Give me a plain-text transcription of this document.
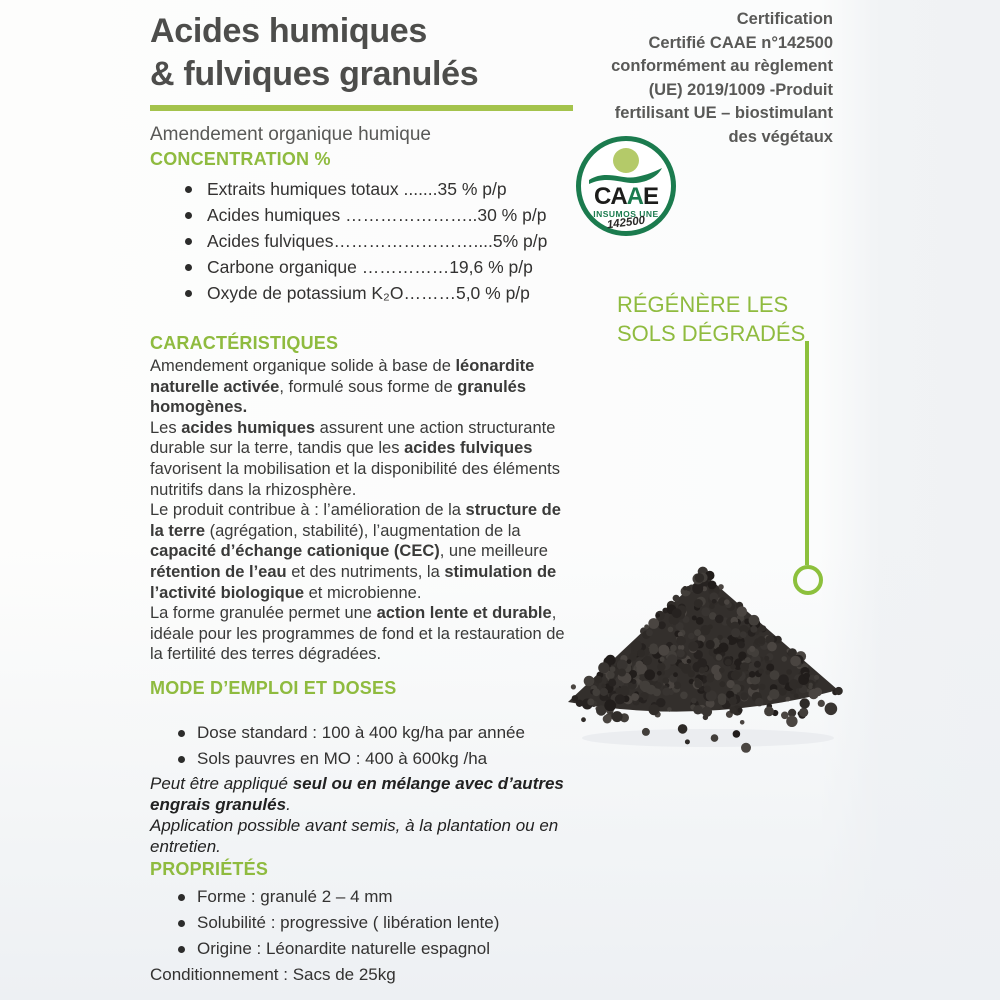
Acides humiques
& fulviques granulés
Amendement organique humique
CONCENTRATION %
Extraits humiques totaux .......35 % p/p
Acides humiques …………………..30 % p/p
Acides fulviques……………………....5% p/p
Carbone organique ……………19,6 % p/p
Oxyde de potassium K₂O………5,0 % p/p
CARACTÉRISTIQUES

Amendement organique solide à base de léonardite naturelle activée, formulé sous forme de granulés homogènes.

Les acides humiques assurent une action structurante durable sur la terre, tandis que les acides fulviques favorisent la mobilisation et la disponibilité des éléments nutritifs dans la rhizosphère.

Le produit contribue à : l’amélioration de la structure de la terre (agrégation, stabilité), l’augmentation de la capacité d’échange cationique (CEC), une meilleure rétention de l’eau et des nutriments, la stimulation de l’activité biologique et microbienne.

La forme granulée permet une action lente et durable, idéale pour les programmes de fond et la restauration de la fertilité des terres dégradées.

MODE D’EMPLOI ET DOSES
Dose standard : 100 à 400 kg/ha par année
Sols pauvres en MO : 400 à 600kg /ha

Peut être appliqué seul ou en mélange avec d’autres engrais granulés.

Application possible avant semis, à la plantation ou en entretien.

PROPRIÉTÉS
Forme : granulé 2 – 4 mm
Solubilité : progressive ( libération lente)
Origine : Léonardite naturelle espagnol
Conditionnement : Sacs de 25kg
Certification
Certifié CAAE n°142500
conformément au règlement
(UE) 2019/1009 -Produit
fertilisant UE – biostimulant
des végétaux
CAAE
INSUMOS UNE
142500
RÉGÉNÈRE LES SOLS DÉGRADÉS
